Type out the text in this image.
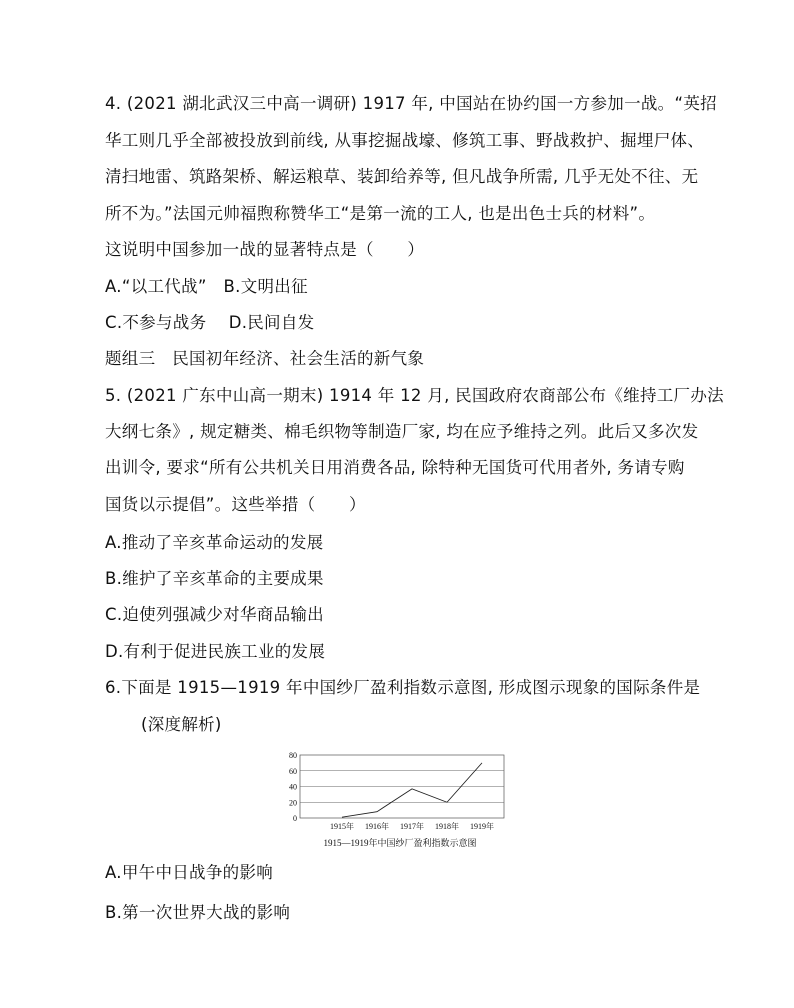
4. (2021 湖北武汉三中高一调研) 1917 年, 中国站在协约国一方参加一战。“英招
华工则几乎全部被投放到前线, 从事挖掘战壕、修筑工事、野战救护、掘埋尸体、
清扫地雷、筑路架桥、解运粮草、装卸给养等, 但凡战争所需, 几乎无处不往、无
所不为。”法国元帅福煦称赞华工“是第一流的工人, 也是出色士兵的材料”。
这说明中国参加一战的显著特点是（　　）
A.“以工代战”　B.文明出征
C.不参与战务　 D.民间自发
题组三　民国初年经济、社会生活的新气象
5. (2021 广东中山高一期末) 1914 年 12 月, 民国政府农商部公布《维持工厂办法
大纲七条》, 规定糖类、棉毛织物等制造厂家, 均在应予维持之列。此后又多次发
出训令, 要求“所有公共机关日用消费各品, 除特种无国货可代用者外, 务请专购
国货以示提倡”。这些举措（　　）
A.推动了辛亥革命运动的发展
B.维护了辛亥革命的主要成果
C.迫使列强减少对华商品输出
D.有利于促进民族工业的发展
6.下面是 1915—1919 年中国纱厂盈利指数示意图, 形成图示现象的国际条件是
(深度解析)
0
20
40
60
80
1915年 1916年 1917年 1918年 1919年
1915—1919年中国纱厂盈利指数示意图
A.甲午中日战争的影响
B.第一次世界大战的影响
